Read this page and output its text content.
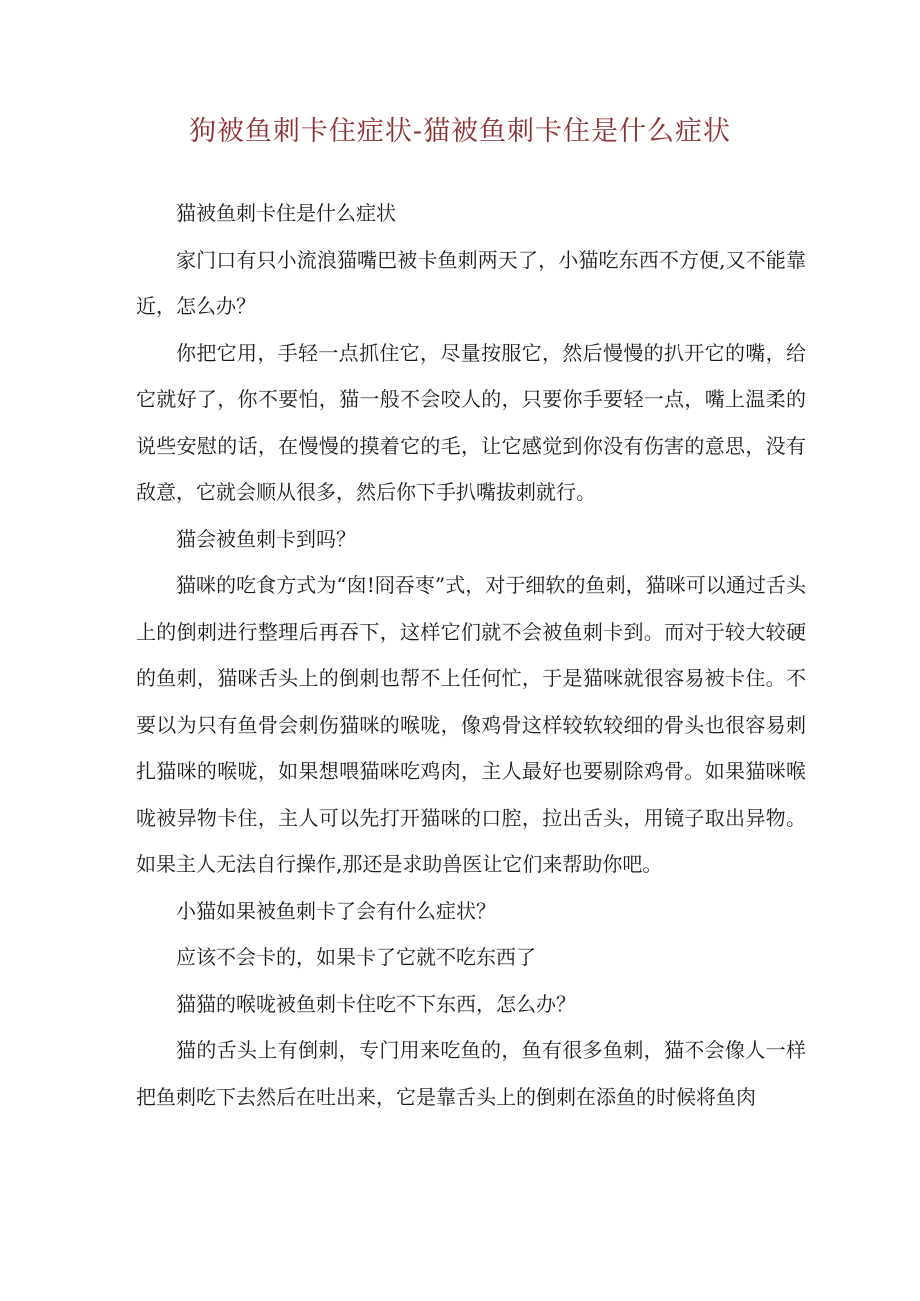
狗被鱼刺卡住症状-猫被鱼刺卡住是什么症状

猫被鱼刺卡住是什么症状

家门口有只小流浪猫嘴巴被卡鱼刺两天了，小猫吃东西不方便,又不能靠近，怎么办？

你把它用，手轻一点抓住它，尽量按服它，然后慢慢的扒开它的嘴，给它就好了，你不要怕，猫一般不会咬人的，只要你手要轻一点，嘴上温柔的说些安慰的话，在慢慢的摸着它的毛，让它感觉到你没有伤害的意思，没有敌意，它就会顺从很多，然后你下手扒嘴拔刺就行。

猫会被鱼刺卡到吗？

猫咪的吃食方式为“囱!冏吞枣”式，对于细软的鱼刺，猫咪可以通过舌头上的倒刺进行整理后再吞下，这样它们就不会被鱼刺卡到。而对于较大较硬的鱼刺，猫咪舌头上的倒刺也帮不上任何忙，于是猫咪就很容易被卡住。不要以为只有鱼骨会刺伤猫咪的喉咙，像鸡骨这样较软较细的骨头也很容易刺扎猫咪的喉咙，如果想喂猫咪吃鸡肉，主人最好也要剔除鸡骨。如果猫咪喉咙被异物卡住，主人可以先打开猫咪的口腔，拉出舌头，用镜子取出异物。如果主人无法自行操作,那还是求助兽医让它们来帮助你吧。

小猫如果被鱼刺卡了会有什么症状？

应该不会卡的，如果卡了它就不吃东西了

猫猫的喉咙被鱼刺卡住吃不下东西，怎么办？

猫的舌头上有倒刺，专门用来吃鱼的，鱼有很多鱼刺，猫不会像人一样把鱼刺吃下去然后在吐出来，它是靠舌头上的倒刺在添鱼的时候将鱼肉
